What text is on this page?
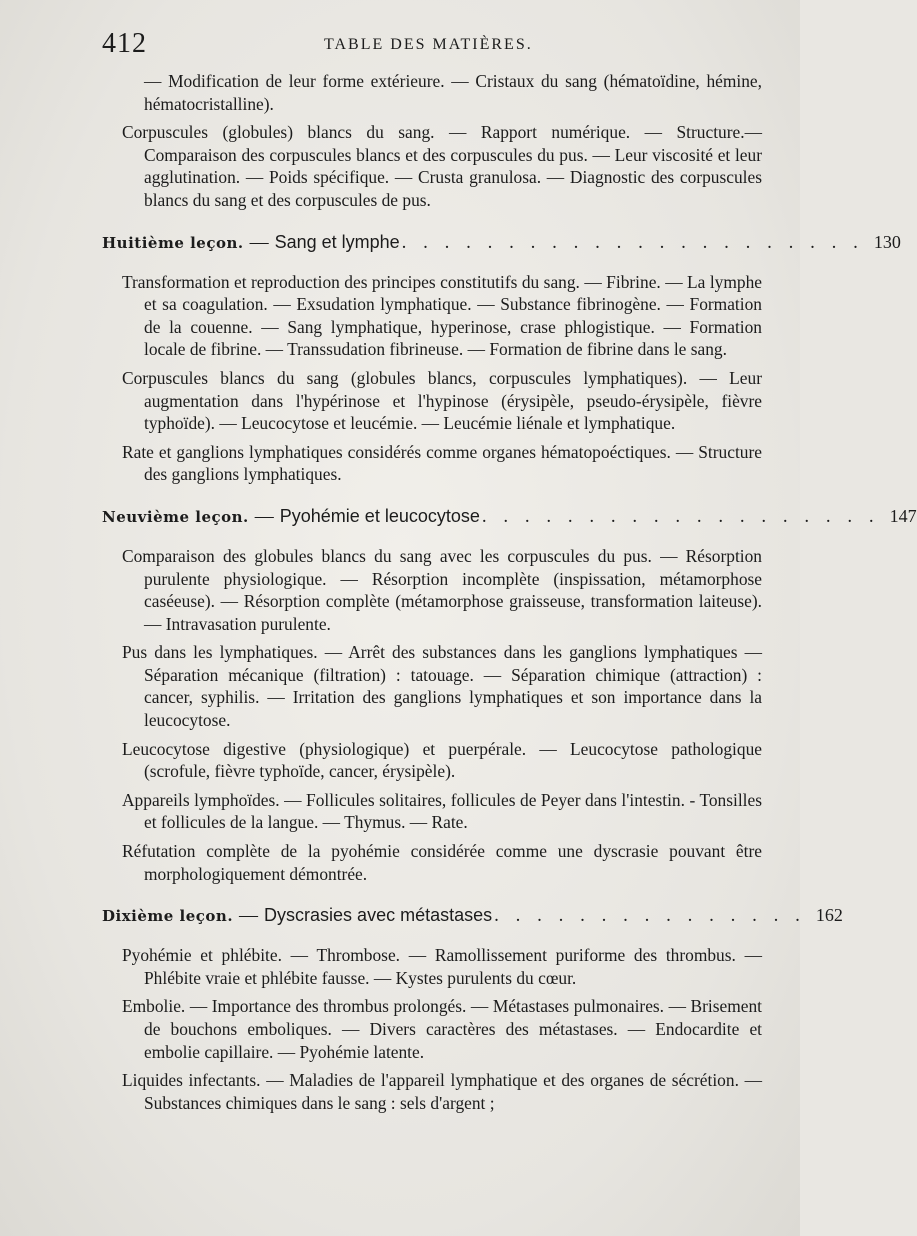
412	TABLE DES MATIÈRES.

— Modification de leur forme extérieure. — Cristaux du sang (hématoïdine, hémine, hématocristalline).

Corpuscules (globules) blancs du sang. — Rapport numérique. — Structure.— Comparaison des corpuscules blancs et des corpuscules du pus. — Leur viscosité et leur agglutination. — Poids spécifique. — Crusta granulosa. — Diagnostic des corpuscules blancs du sang et des corpuscules de pus.

Huitième leçon. — Sang et lymphe . . . . . . . . . . . . . . . . . . . . . . 130

Transformation et reproduction des principes constitutifs du sang. — Fibrine. — La lymphe et sa coagulation. — Exsudation lymphatique. — Substance fibrinogène. — Formation de la couenne. — Sang lymphatique, hyperinose, crase phlogistique. — Formation locale de fibrine. — Transsudation fibrineuse. — Formation de fibrine dans le sang.

Corpuscules blancs du sang (globules blancs, corpuscules lymphatiques). — Leur augmentation dans l'hypérinose et l'hypinose (érysipèle, pseudo-érysipèle, fièvre typhoïde). — Leucocytose et leucémie. — Leucémie liénale et lymphatique.

Rate et ganglions lymphatiques considérés comme organes hématopoéctiques. — Structure des ganglions lymphatiques.

Neuvième leçon. — Pyohémie et leucocytose . . . . . . . . . . . . . . . . . . . 147

Comparaison des globules blancs du sang avec les corpuscules du pus. — Résorption purulente physiologique. — Résorption incomplète (inspissation, métamorphose caséeuse). — Résorption complète (métamorphose graisseuse, transformation laiteuse). — Intravasation purulente.

Pus dans les lymphatiques. — Arrêt des substances dans les ganglions lymphatiques — Séparation mécanique (filtration) : tatouage. — Séparation chimique (attraction) : cancer, syphilis. — Irritation des ganglions lymphatiques et son importance dans la leucocytose.

Leucocytose digestive (physiologique) et puerpérale. — Leucocytose pathologique (scrofule, fièvre typhoïde, cancer, érysipèle).

Appareils lymphoïdes. — Follicules solitaires, follicules de Peyer dans l'intestin. - Tonsilles et follicules de la langue. — Thymus. — Rate.

Réfutation complète de la pyohémie considérée comme une dyscrasie pouvant être morphologiquement démontrée.

Dixième leçon. — Dyscrasies avec métastases . . . . . . . . . . . . . . . 162

Pyohémie et phlébite. — Thrombose. — Ramollissement puriforme des thrombus. — Phlébite vraie et phlébite fausse. — Kystes purulents du cœur.

Embolie. — Importance des thrombus prolongés. — Métastases pulmonaires. — Brisement de bouchons emboliques. — Divers caractères des métastases. — Endocardite et embolie capillaire. — Pyohémie latente.

Liquides infectants. — Maladies de l'appareil lymphatique et des organes de sécrétion. — Substances chimiques dans le sang : sels d'argent ;
